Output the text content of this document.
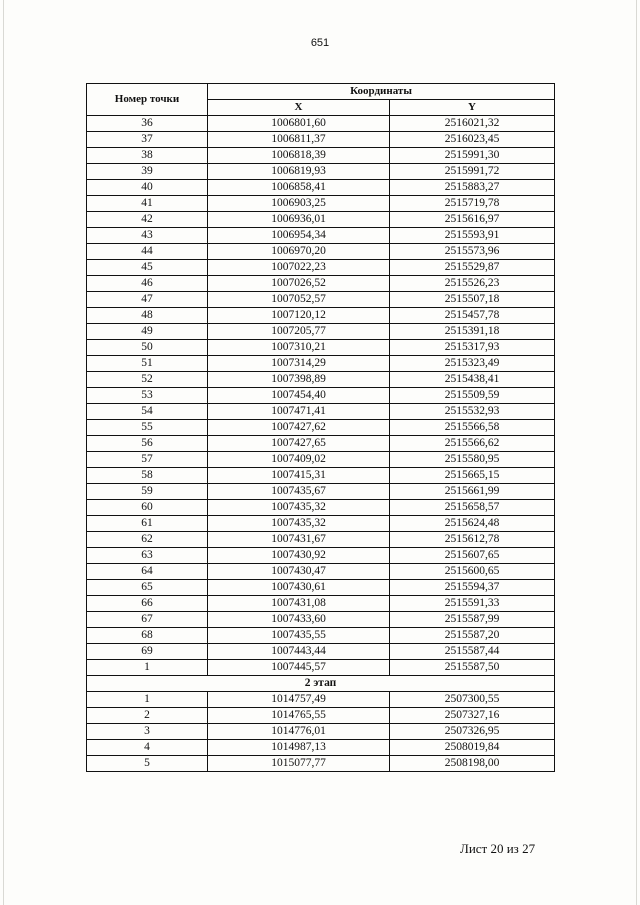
651
Номер точки	Координаты	
	X	Y
36	1006801,60	2516021,32
37	1006811,37	2516023,45
38	1006818,39	2515991,30
39	1006819,93	2515991,72
40	1006858,41	2515883,27
41	1006903,25	2515719,78
42	1006936,01	2515616,97
43	1006954,34	2515593,91
44	1006970,20	2515573,96
45	1007022,23	2515529,87
46	1007026,52	2515526,23
47	1007052,57	2515507,18
48	1007120,12	2515457,78
49	1007205,77	2515391,18
50	1007310,21	2515317,93
51	1007314,29	2515323,49
52	1007398,89	2515438,41
53	1007454,40	2515509,59
54	1007471,41	2515532,93
55	1007427,62	2515566,58
56	1007427,65	2515566,62
57	1007409,02	2515580,95
58	1007415,31	2515665,15
59	1007435,67	2515661,99
60	1007435,32	2515658,57
61	1007435,32	2515624,48
62	1007431,67	2515612,78
63	1007430,92	2515607,65
64	1007430,47	2515600,65
65	1007430,61	2515594,37
66	1007431,08	2515591,33
67	1007433,60	2515587,99
68	1007435,55	2515587,20
69	1007443,44	2515587,44
1	1007445,57	2515587,50
2 этап		
1	1014757,49	2507300,55
2	1014765,55	2507327,16
3	1014776,01	2507326,95
4	1014987,13	2508019,84
5	1015077,77	2508198,00
Лист 20 из 27
